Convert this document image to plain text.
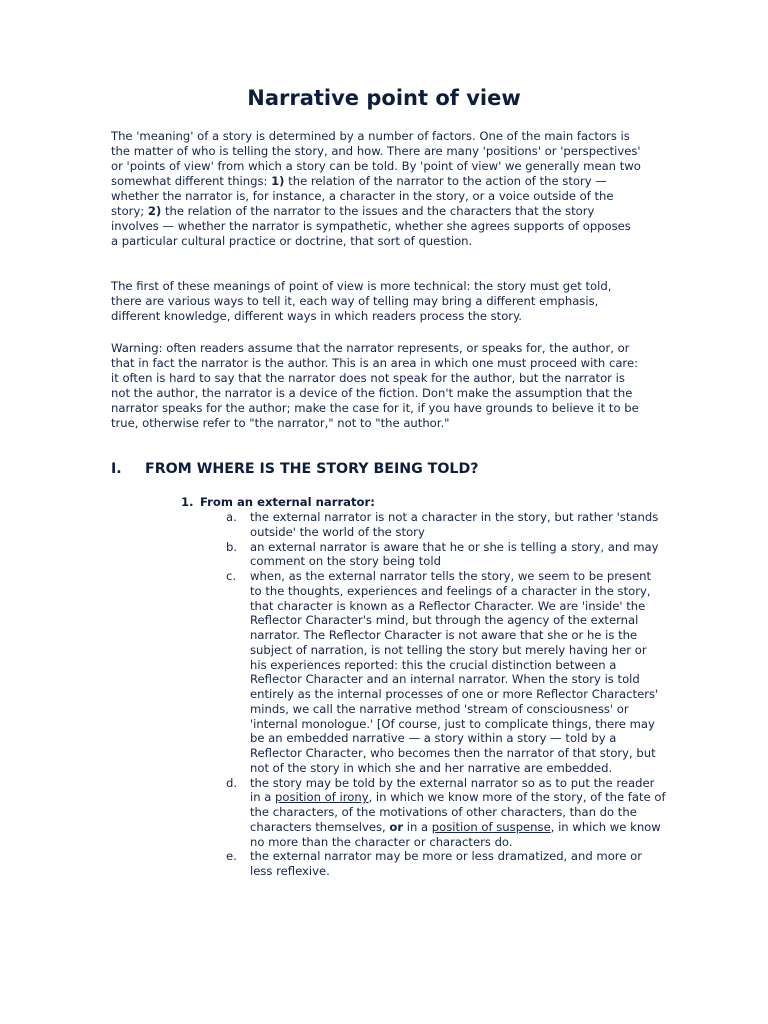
Narrative point of view

The 'meaning' of a story is determined by a number of factors. One of the main factors is the matter of who is telling the story, and how. There are many 'positions' or 'perspectives' or 'points of view' from which a story can be told. By 'point of view' we generally mean two somewhat different things: 1) the relation of the narrator to the action of the story — whether the narrator is, for instance, a character in the story, or a voice outside of the story; 2) the relation of the narrator to the issues and the characters that the story involves — whether the narrator is sympathetic, whether she agrees supports of opposes a particular cultural practice or doctrine, that sort of question.

The first of these meanings of point of view is more technical: the story must get told, there are various ways to tell it, each way of telling may bring a different emphasis, different knowledge, different ways in which readers process the story.

Warning: often readers assume that the narrator represents, or speaks for, the author, or that in fact the narrator is the author. This is an area in which one must proceed with care: it often is hard to say that the narrator does not speak for the author, but the narrator is not the author, the narrator is a device of the fiction. Don't make the assumption that the narrator speaks for the author; make the case for it, if you have grounds to believe it to be true, otherwise refer to "the narrator," not to "the author."

I. FROM WHERE IS THE STORY BEING TOLD?
1. From an external narrator:
a. the external narrator is not a character in the story, but rather 'stands outside' the world of the story
b. an external narrator is aware that he or she is telling a story, and may comment on the story being told
c. when, as the external narrator tells the story, we seem to be present to the thoughts, experiences and feelings of a character in the story, that character is known as a Reflector Character. We are 'inside' the Reflector Character's mind, but through the agency of the external narrator. The Reflector Character is not aware that she or he is the subject of narration, is not telling the story but merely having her or his experiences reported: this the crucial distinction between a Reflector Character and an internal narrator. When the story is told entirely as the internal processes of one or more Reflector Characters' minds, we call the narrative method 'stream of consciousness' or 'internal monologue.' [Of course, just to complicate things, there may be an embedded narrative — a story within a story — told by a Reflector Character, who becomes then the narrator of that story, but not of the story in which she and her narrative are embedded.
d. the story may be told by the external narrator so as to put the reader in a position of irony, in which we know more of the story, of the fate of the characters, of the motivations of other characters, than do the characters themselves, or in a position of suspense, in which we know no more than the character or characters do.
e. the external narrator may be more or less dramatized, and more or less reflexive.
